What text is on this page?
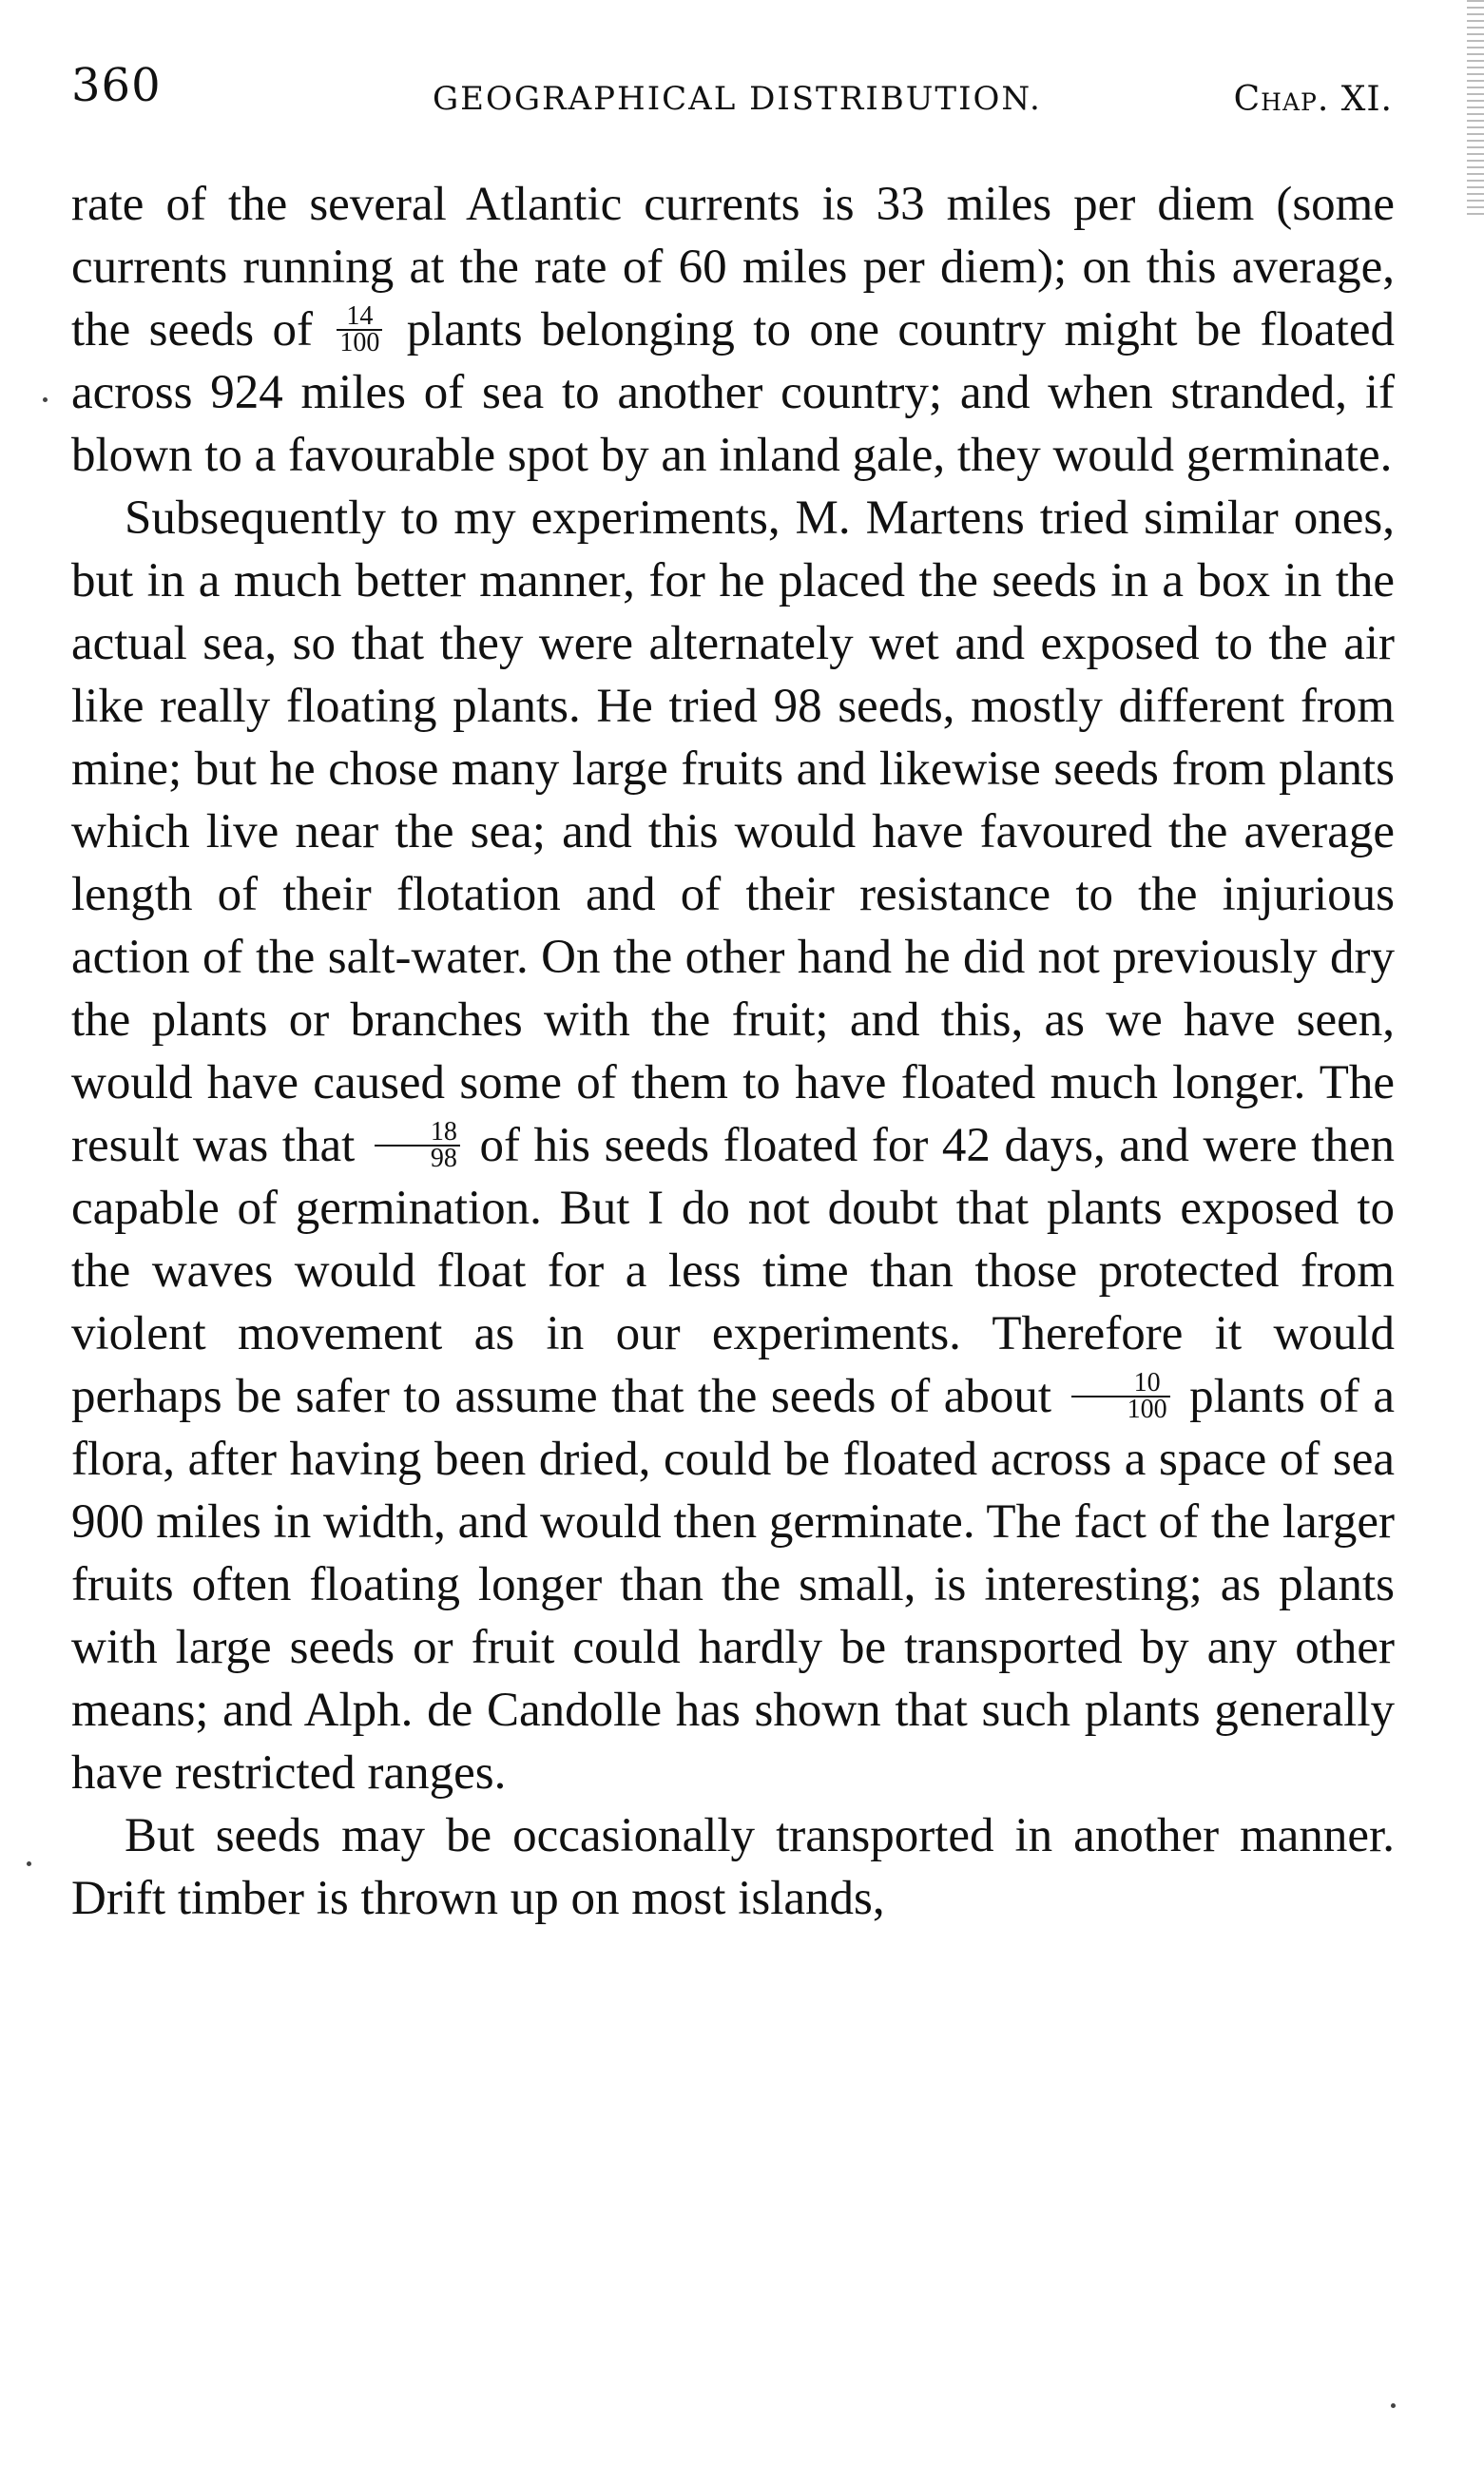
360	GEOGRAPHICAL DISTRIBUTION.	Chap. XI.

rate of the several Atlantic currents is 33 miles per diem (some currents running at the rate of 60 miles per diem); on this average, the seeds of $\frac{14}{100}$ plants belonging to one country might be floated across 924 miles of sea to another country; and when stranded, if blown to a favourable spot by an inland gale, they would germinate.

Subsequently to my experiments, M. Martens tried similar ones, but in a much better manner, for he placed the seeds in a box in the actual sea, so that they were alternately wet and exposed to the air like really floating plants. He tried 98 seeds, mostly different from mine; but he chose many large fruits and likewise seeds from plants which live near the sea; and this would have favoured the average length of their flotation and of their resistance to the injurious action of the salt-water. On the other hand he did not previously dry the plants or branches with the fruit; and this, as we have seen, would have caused some of them to have floated much longer. The result was that $\frac{18}{98}$ of his seeds floated for 42 days, and were then capable of germination. But I do not doubt that plants exposed to the waves would float for a less time than those protected from violent movement as in our experiments. Therefore it would perhaps be safer to assume that the seeds of about $\frac{10}{100}$ plants of a flora, after having been dried, could be floated across a space of sea 900 miles in width, and would then germinate. The fact of the larger fruits often floating longer than the small, is interesting; as plants with large seeds or fruit could hardly be transported by any other means; and Alph. de Candolle has shown that such plants generally have restricted ranges.

But seeds may be occasionally transported in another manner. Drift timber is thrown up on most islands,
